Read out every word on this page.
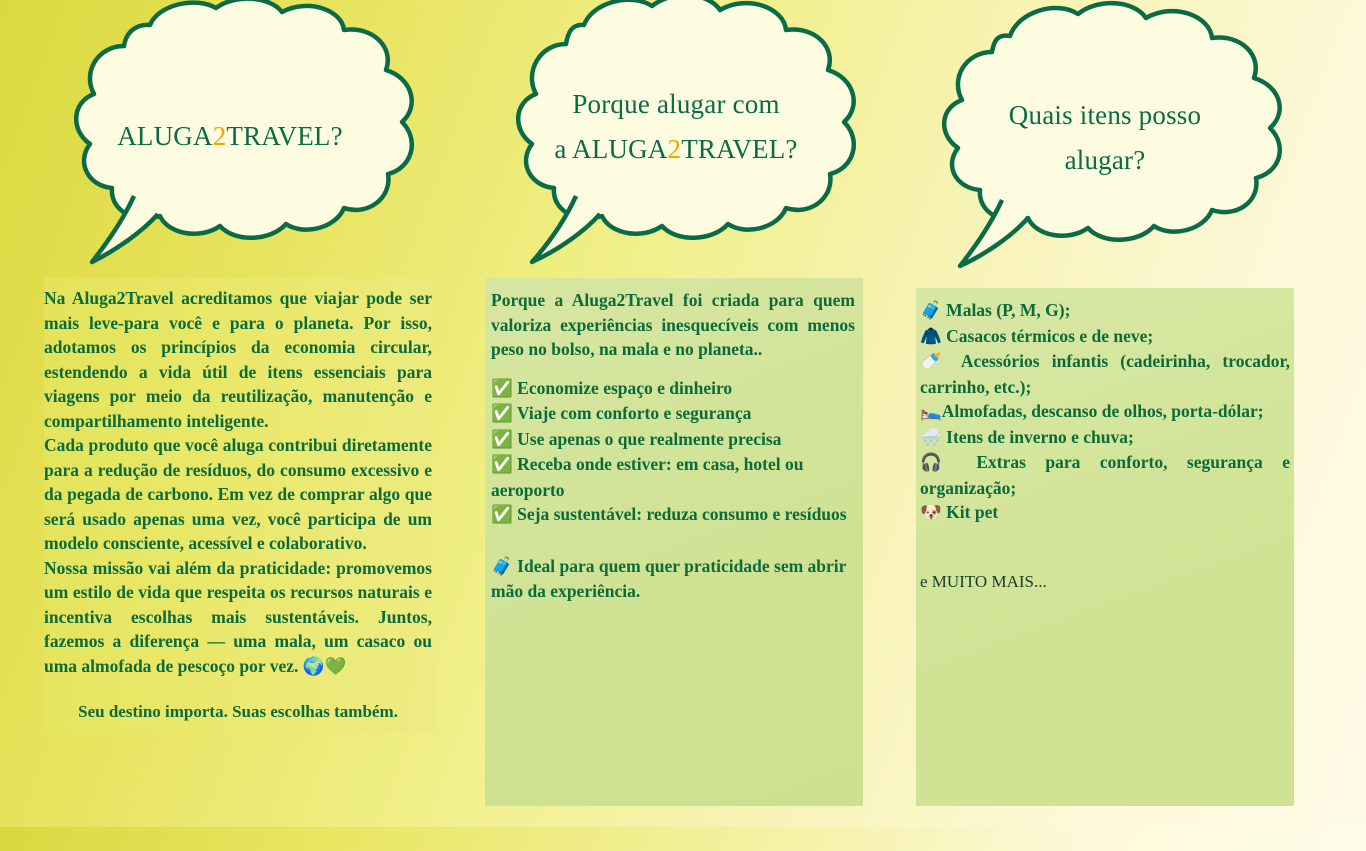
ALUGA2TRAVEL?

Na Aluga2Travel acreditamos que viajar pode ser mais leve-para você e para o planeta. Por isso, adotamos os princípios da economia circular, estendendo a vida útil de itens essenciais para viagens por meio da reutilização, manutenção e compartilhamento inteligente.

Cada produto que você aluga contribui diretamente para a redução de resíduos, do consumo excessivo e da pegada de carbono. Em vez de comprar algo que será usado apenas uma vez, você participa de um modelo consciente, acessível e colaborativo.

Nossa missão vai além da praticidade: promovemos um estilo de vida que respeita os recursos naturais e incentiva escolhas mais sustentáveis. Juntos, fazemos a diferença — uma mala, um casaco ou uma almofada de pescoço por vez. 🌍💚

Seu destino importa. Suas escolhas também.

Porque alugar com
a ALUGA2TRAVEL?

Porque a Aluga2Travel foi criada para quem valoriza experiências inesquecíveis com menos peso no bolso, na mala e no planeta..

✅ Economize espaço e dinheiro
✅ Viaje com conforto e segurança
✅ Use apenas o que realmente precisa
✅ Receba onde estiver: em casa, hotel ou aeroporto
✅ Seja sustentável: reduza consumo e resíduos

🧳 Ideal para quem quer praticidade sem abrir mão da experiência.

Quais itens posso
alugar?
🧳 Malas (P, M, G);
🧥 Casacos térmicos e de neve;
🍼 Acessórios infantis (cadeirinha, trocador, carrinho, etc.);
🛌Almofadas, descanso de olhos, porta-dólar;
🌨️ Itens de inverno e chuva;
🎧 Extras para conforto, segurança e organização;
🐶 Kit pet
e MUITO MAIS...
